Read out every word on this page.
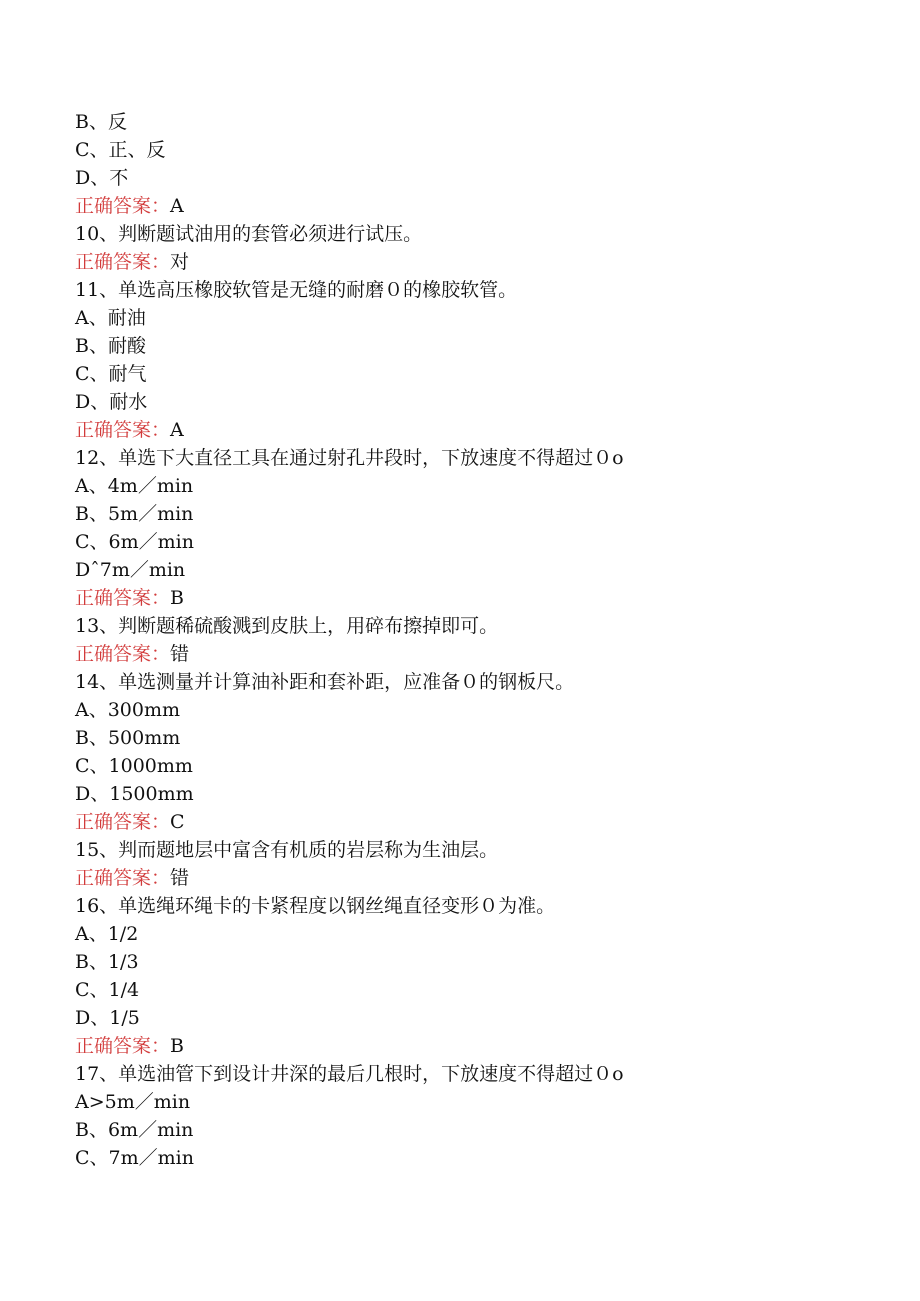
B、反
C、正、反
D、不
正确答案：A
10、判断题试油用的套管必须进行试压。
正确答案：对
11、单选高压橡胶软管是无缝的耐磨０的橡胶软管。
A、耐油
B、耐酸
C、耐气
D、耐水
正确答案：A
12、单选下大直径工具在通过射孔井段时，下放速度不得超过０o
A、4m／min
B、5m／min
C、6m／min
Dˆ7m／min
正确答案：B
13、判断题稀硫酸溅到皮肤上，用碎布擦掉即可。
正确答案：错
14、单选测量并计算油补距和套补距，应准备０的钢板尺。
A、300mm
B、500mm
C、1000mm
D、1500mm
正确答案：C
15、判而题地层中富含有机质的岩层称为生油层。
正确答案：错
16、单选绳环绳卡的卡紧程度以钢丝绳直径变形０为准。
A、1/2
B、1/3
C、1/4
D、1/5
正确答案：B
17、单选油管下到设计井深的最后几根时，下放速度不得超过０o
A>5m／min
B、6m／min
C、7m／min
